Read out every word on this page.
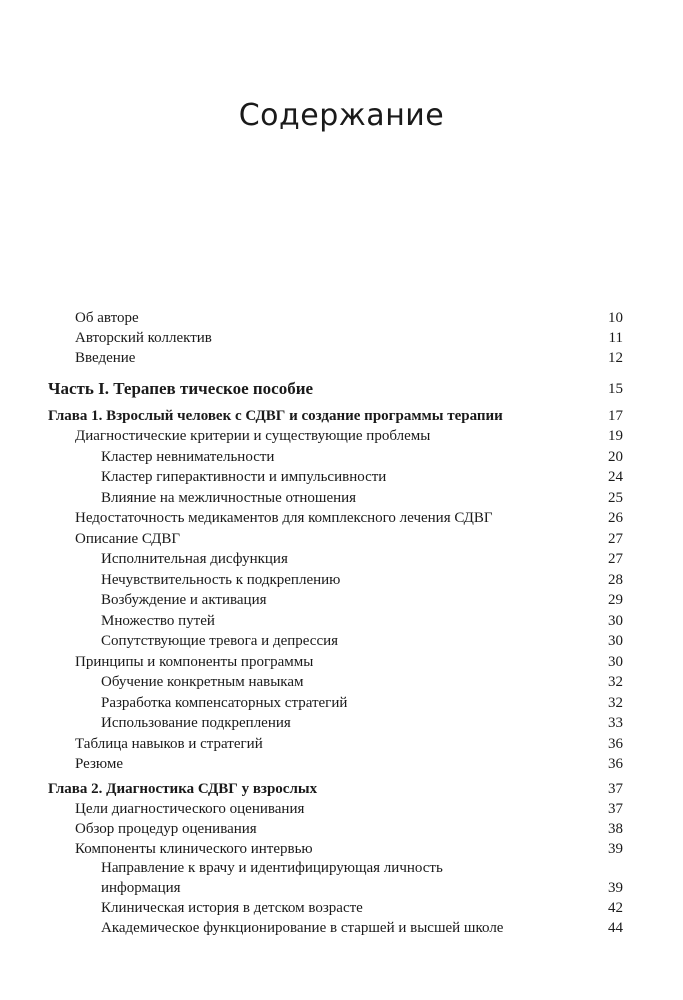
Содержание
Об авторе	10
Авторский коллектив	11
Введение	12
Часть I. Терапев тическое пособие	15
Глава 1. Взрослый человек с СДВГ и создание программы терапии	17
Диагностические критерии и существующие проблемы	19
Кластер невнимательности	20
Кластер гиперактивности и импульсивности	24
Влияние на межличностные отношения	25
Недостаточность медикаментов для комплексного лечения СДВГ	26
Описание СДВГ	27
Исполнительная дисфункция	27
Нечувствительность к подкреплению	28
Возбуждение и активация	29
Множество путей	30
Сопутствующие тревога и депрессия	30
Принципы и компоненты программы	30
Обучение конкретным навыкам	32
Разработка компенсаторных стратегий	32
Использование подкрепления	33
Таблица навыков и стратегий	36
Резюме	36
Глава 2. Диагностика СДВГ у взрослых	37
Цели диагностического оценивания	37
Обзор процедур оценивания	38
Компоненты клинического интервью	39
Направление к врачу и идентифицирующая личность
информация	39
Клиническая история в детском возрасте	42
Академическое функционирование в старшей и высшей школе	44
